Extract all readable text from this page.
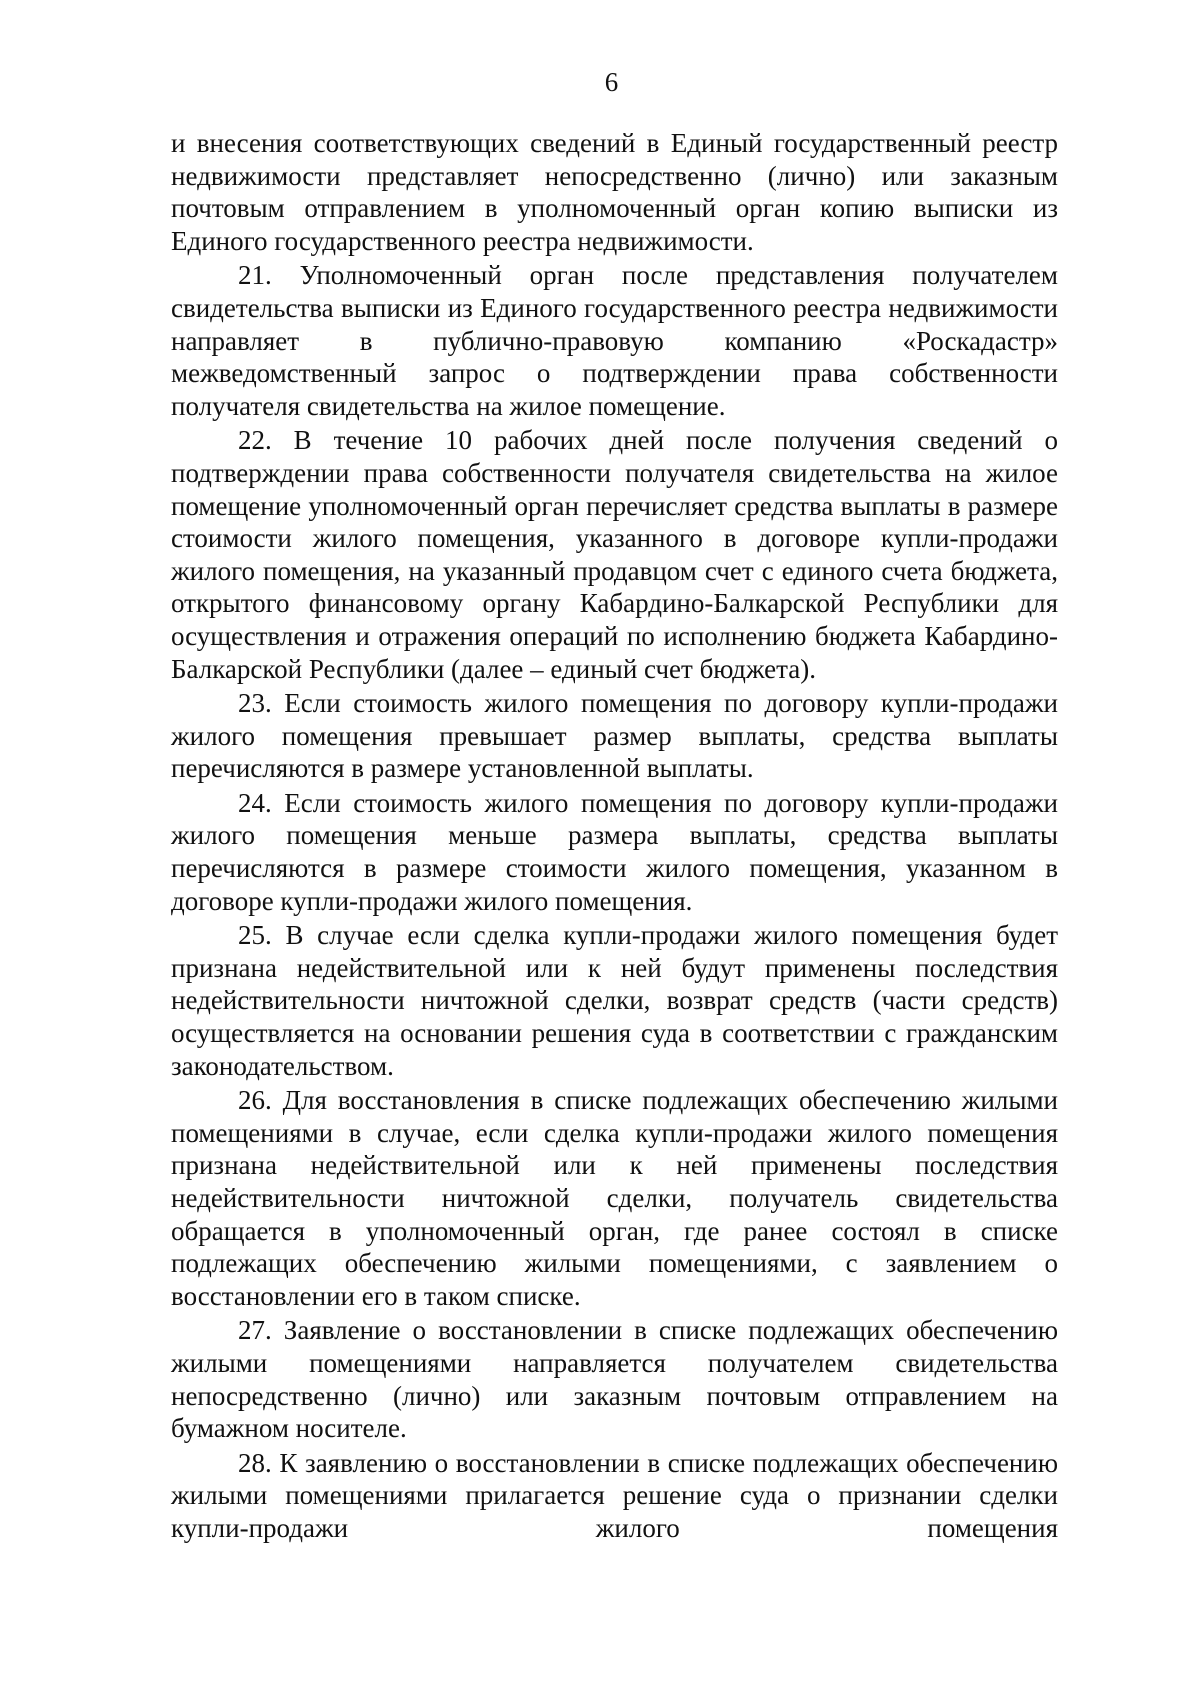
6

и внесения соответствующих сведений в Единый государственный реестр недвижимости представляет непосредственно (лично) или заказным почтовым отправлением в уполномоченный орган копию выписки из Единого государственного реестра недвижимости.

21. Уполномоченный орган после представления получателем свидетельства выписки из Единого государственного реестра недвижимости направляет в публично-правовую компанию «Роскадастр» межведомственный запрос о подтверждении права собственности получателя свидетельства на жилое помещение.

22. В течение 10 рабочих дней после получения сведений о подтверждении права собственности получателя свидетельства на жилое помещение уполномоченный орган перечисляет средства выплаты в размере стоимости жилого помещения, указанного в договоре купли-продажи жилого помещения, на указанный продавцом счет с единого счета бюджета, открытого финансовому органу Кабардино-Балкарской Республики для осуществления и отражения операций по исполнению бюджета Кабардино-Балкарской Республики (далее – единый счет бюджета).

23. Если стоимость жилого помещения по договору купли-продажи жилого помещения превышает размер выплаты, средства выплаты перечисляются в размере установленной выплаты.

24. Если стоимость жилого помещения по договору купли-продажи жилого помещения меньше размера выплаты, средства выплаты перечисляются в размере стоимости жилого помещения, указанном в договоре купли-продажи жилого помещения.

25. В случае если сделка купли-продажи жилого помещения будет признана недействительной или к ней будут применены последствия недействительности ничтожной сделки, возврат средств (части средств) осуществляется на основании решения суда в соответствии с гражданским законодательством.

26. Для восстановления в списке подлежащих обеспечению жилыми помещениями в случае, если сделка купли-продажи жилого помещения признана недействительной или к ней применены последствия недействительности ничтожной сделки, получатель свидетельства обращается в уполномоченный орган, где ранее состоял в списке подлежащих обеспечению жилыми помещениями, с заявлением о восстановлении его в таком списке.

27. Заявление о восстановлении в списке подлежащих обеспечению жилыми помещениями направляется получателем свидетельства непосредственно (лично) или заказным почтовым отправлением на бумажном носителе.

28. К заявлению о восстановлении в списке подлежащих обеспечению жилыми помещениями прилагается решение суда о признании сделки купли-продажи жилого помещения
